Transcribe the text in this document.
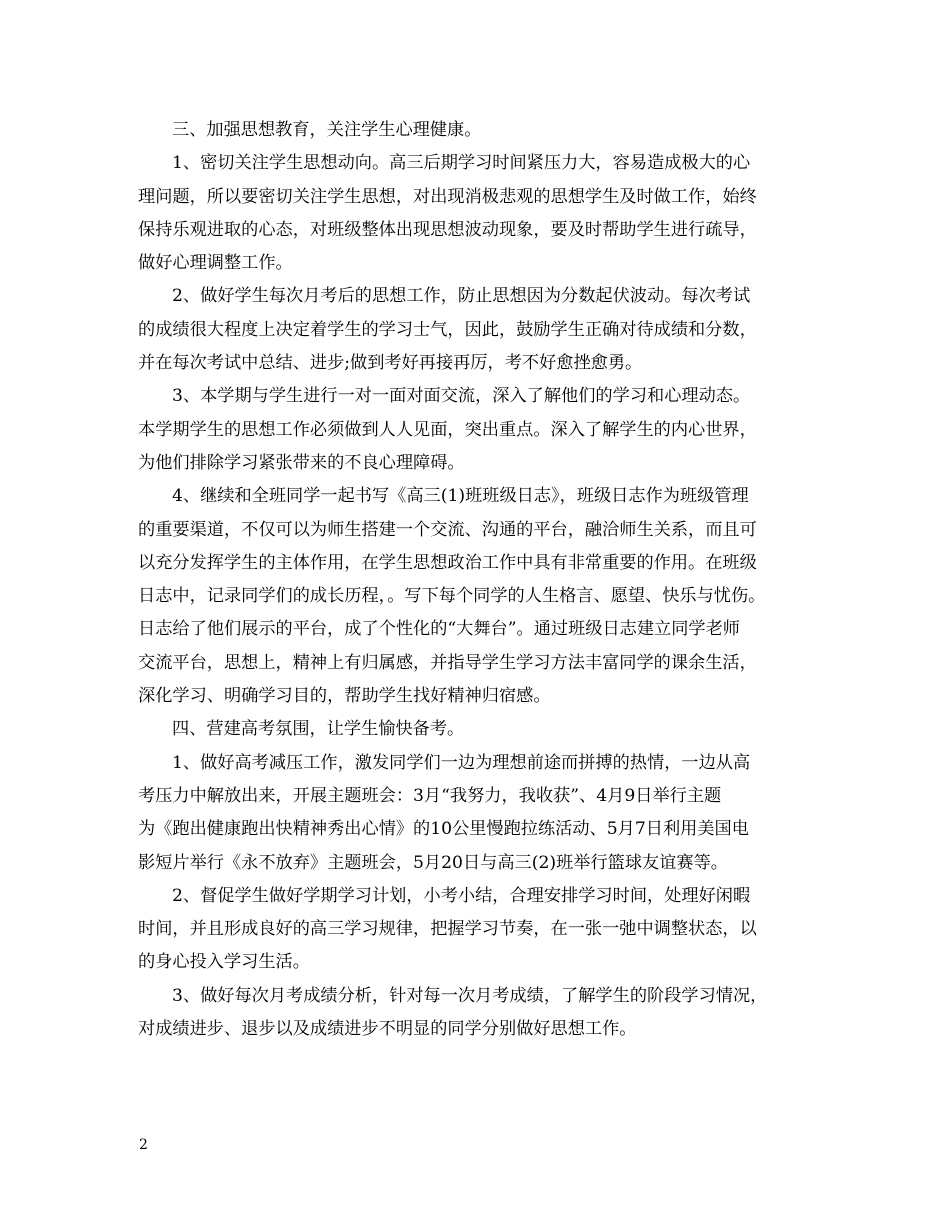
三、加强思想教育，关注学生心理健康。
1、密切关注学生思想动向。高三后期学习时间紧压力大，容易造成极大的心
理问题，所以要密切关注学生思想，对出现消极悲观的思想学生及时做工作，始终
保持乐观进取的心态，对班级整体出现思想波动现象，要及时帮助学生进行疏导，
做好心理调整工作。
2、做好学生每次月考后的思想工作，防止思想因为分数起伏波动。每次考试
的成绩很大程度上决定着学生的学习士气，因此，鼓励学生正确对待成绩和分数，
并在每次考试中总结、进步;做到考好再接再厉，考不好愈挫愈勇。
3、本学期与学生进行一对一面对面交流，深入了解他们的学习和心理动态。
本学期学生的思想工作必须做到人人见面，突出重点。深入了解学生的内心世界，
为他们排除学习紧张带来的不良心理障碍。
4、继续和全班同学一起书写《高三(1)班班级日志》，班级日志作为班级管理
的重要渠道，不仅可以为师生搭建一个交流、沟通的平台，融洽师生关系，而且可
以充分发挥学生的主体作用，在学生思想政治工作中具有非常重要的作用。在班级
日志中，记录同学们的成长历程，。写下每个同学的人生格言、愿望、快乐与忧伤。
日志给了他们展示的平台，成了个性化的“大舞台”。通过班级日志建立同学老师
交流平台，思想上，精神上有归属感，并指导学生学习方法丰富同学的课余生活，
深化学习、明确学习目的，帮助学生找好精神归宿感。
四、营建高考氛围，让学生愉快备考。
1、做好高考减压工作，激发同学们一边为理想前途而拼搏的热情，一边从高
考压力中解放出来，开展主题班会：3月“我努力，我收获”、4月9日举行主题
为《跑出健康跑出快精神秀出心情》的10公里慢跑拉练活动、5月7日利用美国电
影短片举行《永不放弃》主题班会，5月20日与高三(2)班举行篮球友谊赛等。
2、督促学生做好学期学习计划，小考小结，合理安排学习时间，处理好闲暇
时间，并且形成良好的高三学习规律，把握学习节奏，在一张一弛中调整状态，以
的身心投入学习生活。
3、做好每次月考成绩分析，针对每一次月考成绩，了解学生的阶段学习情况，
对成绩进步、退步以及成绩进步不明显的同学分别做好思想工作。
2
